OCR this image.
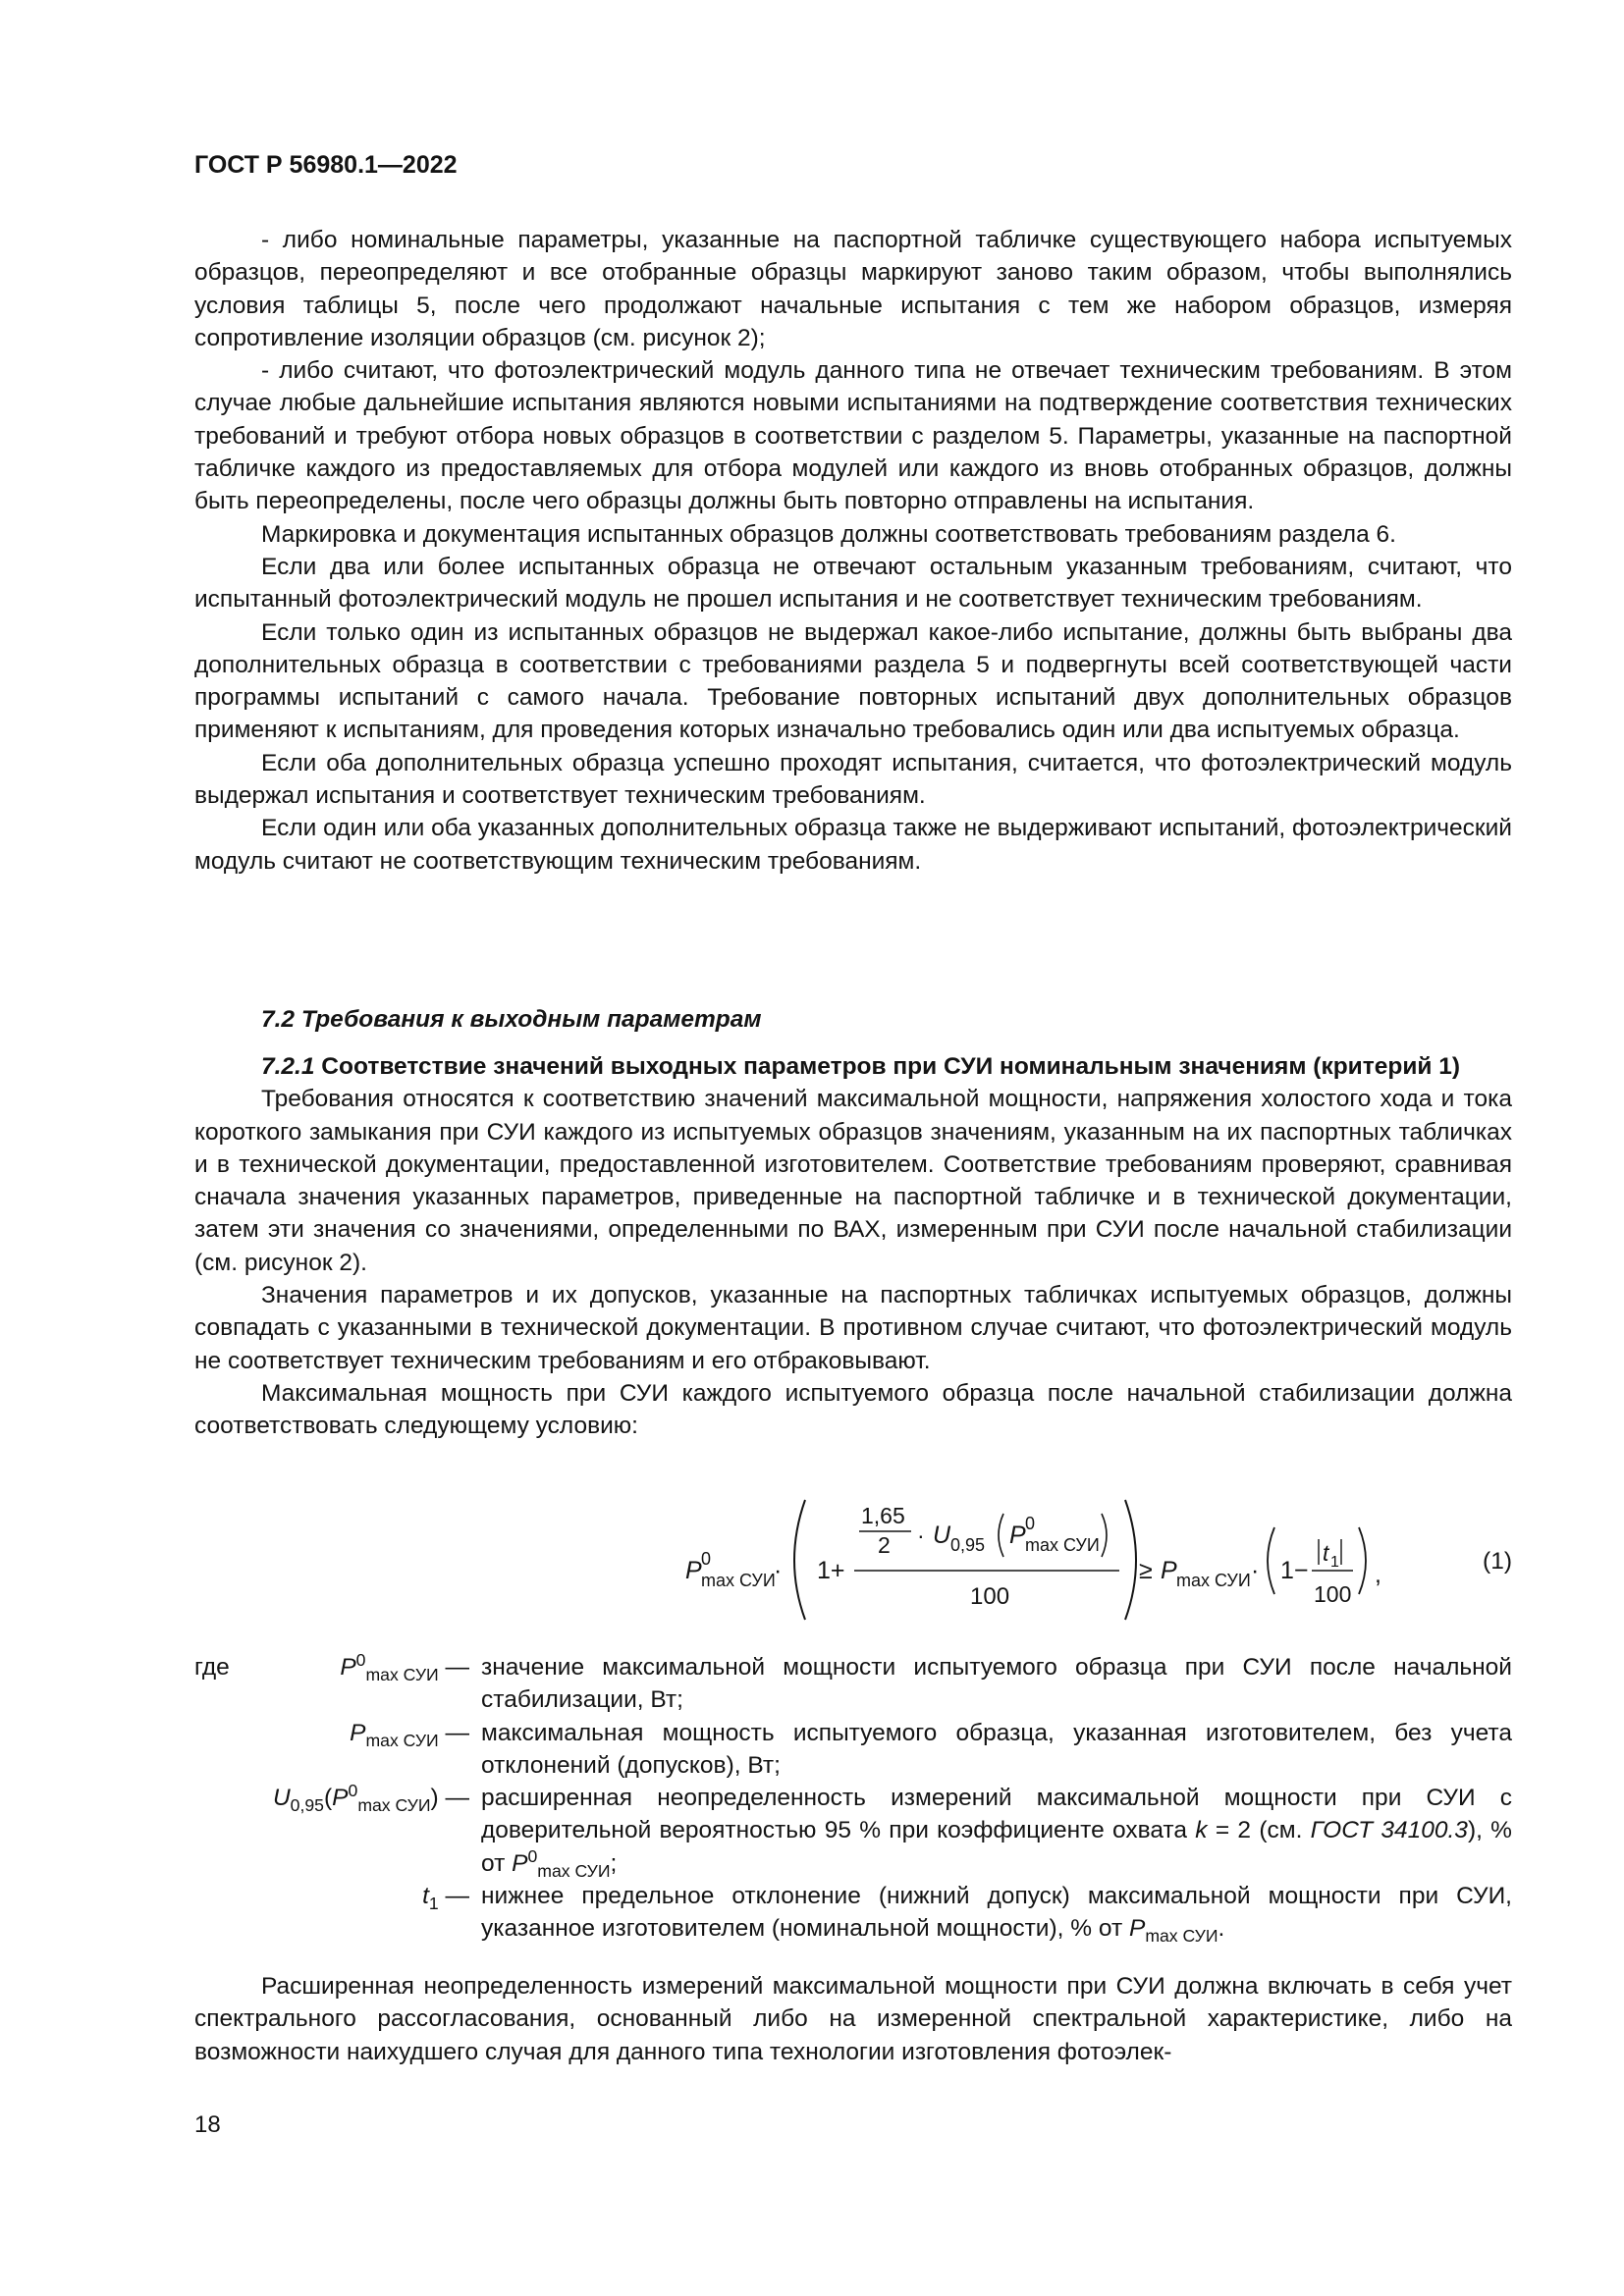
ГОСТ Р 56980.1—2022

- либо номинальные параметры, указанные на паспортной табличке существующего набора испытуемых образцов, переопределяют и все отобранные образцы маркируют заново таким образом, чтобы выполнялись условия таблицы 5, после чего продолжают начальные испытания с тем же набором образцов, измеряя сопротивление изоляции образцов (см. рисунок 2);

- либо считают, что фотоэлектрический модуль данного типа не отвечает техническим требованиям. В этом случае любые дальнейшие испытания являются новыми испытаниями на подтверждение соответствия технических требований и требуют отбора новых образцов в соответствии с разделом 5. Параметры, указанные на паспортной табличке каждого из предоставляемых для отбора модулей или каждого из вновь отобранных образцов, должны быть переопределены, после чего образцы должны быть повторно отправлены на испытания.

Маркировка и документация испытанных образцов должны соответствовать требованиям раздела 6.

Если два или более испытанных образца не отвечают остальным указанным требованиям, считают, что испытанный фотоэлектрический модуль не прошел испытания и не соответствует техническим требованиям.

Если только один из испытанных образцов не выдержал какое-либо испытание, должны быть выбраны два дополнительных образца в соответствии с требованиями раздела 5 и подвергнуты всей соответствующей части программы испытаний с самого начала. Требование повторных испытаний двух дополнительных образцов применяют к испытаниям, для проведения которых изначально требовались один или два испытуемых образца.

Если оба дополнительных образца успешно проходят испытания, считается, что фотоэлектрический модуль выдержал испытания и соответствует техническим требованиям.

Если один или оба указанных дополнительных образца также не выдерживают испытаний, фотоэлектрический модуль считают не соответствующим техническим требованиям.

7.2 Требования к выходным параметрам

7.2.1 Соответствие значений выходных параметров при СУИ номинальным значениям (критерий 1)

Требования относятся к соответствию значений максимальной мощности, напряжения холостого хода и тока короткого замыкания при СУИ каждого из испытуемых образцов значениям, указанным на их паспортных табличках и в технической документации, предоставленной изготовителем. Соответствие требованиям проверяют, сравнивая сначала значения указанных параметров, приведенные на паспортной табличке и в технической документации, затем эти значения со значениями, определенными по ВАХ, измеренным при СУИ после начальной стабилизации (см. рисунок 2).

Значения параметров и их допусков, указанные на паспортных табличках испытуемых образцов, должны совпадать с указанными в технической документации. В противном случае считают, что фотоэлектрический модуль не соответствует техническим требованиям и его отбраковывают.

Максимальная мощность при СУИ каждого испытуемого образца после начальной стабилизации должна соответствовать следующему условию:

P 0
max СУИ
· 1+
1,65
2 · U 0,95 P 0
max СУИ
100
≥ P max СУИ · 1−
t 1
100
,	(1)
где	$P^0_{max СУИ}$ — значение максимальной мощности испытуемого образца при СУИ после начальной стабилизации, Вт;
$P_{max СУИ}$ — максимальная мощность испытуемого образца, указанная изготовителем, без учета отклонений (допусков), Вт;
$U_{0,95}(P^0_{max СУИ})$ — расширенная неопределенность измерений максимальной мощности при СУИ с доверительной вероятностью 95 % при коэффициенте охвата k = 2 (см. ГОСТ 34100.3), % от $P^0_{max СУИ}$;
$t_1$ — нижнее предельное отклонение (нижний допуск) максимальной мощности при СУИ, указанное изготовителем (номинальной мощности), % от $P_{max СУИ}$.

Расширенная неопределенность измерений максимальной мощности при СУИ должна включать в себя учет спектрального рассогласования, основанный либо на измеренной спектральной характеристике, либо на возможности наихудшего случая для данного типа технологии изготовления фотоэлек-

18
